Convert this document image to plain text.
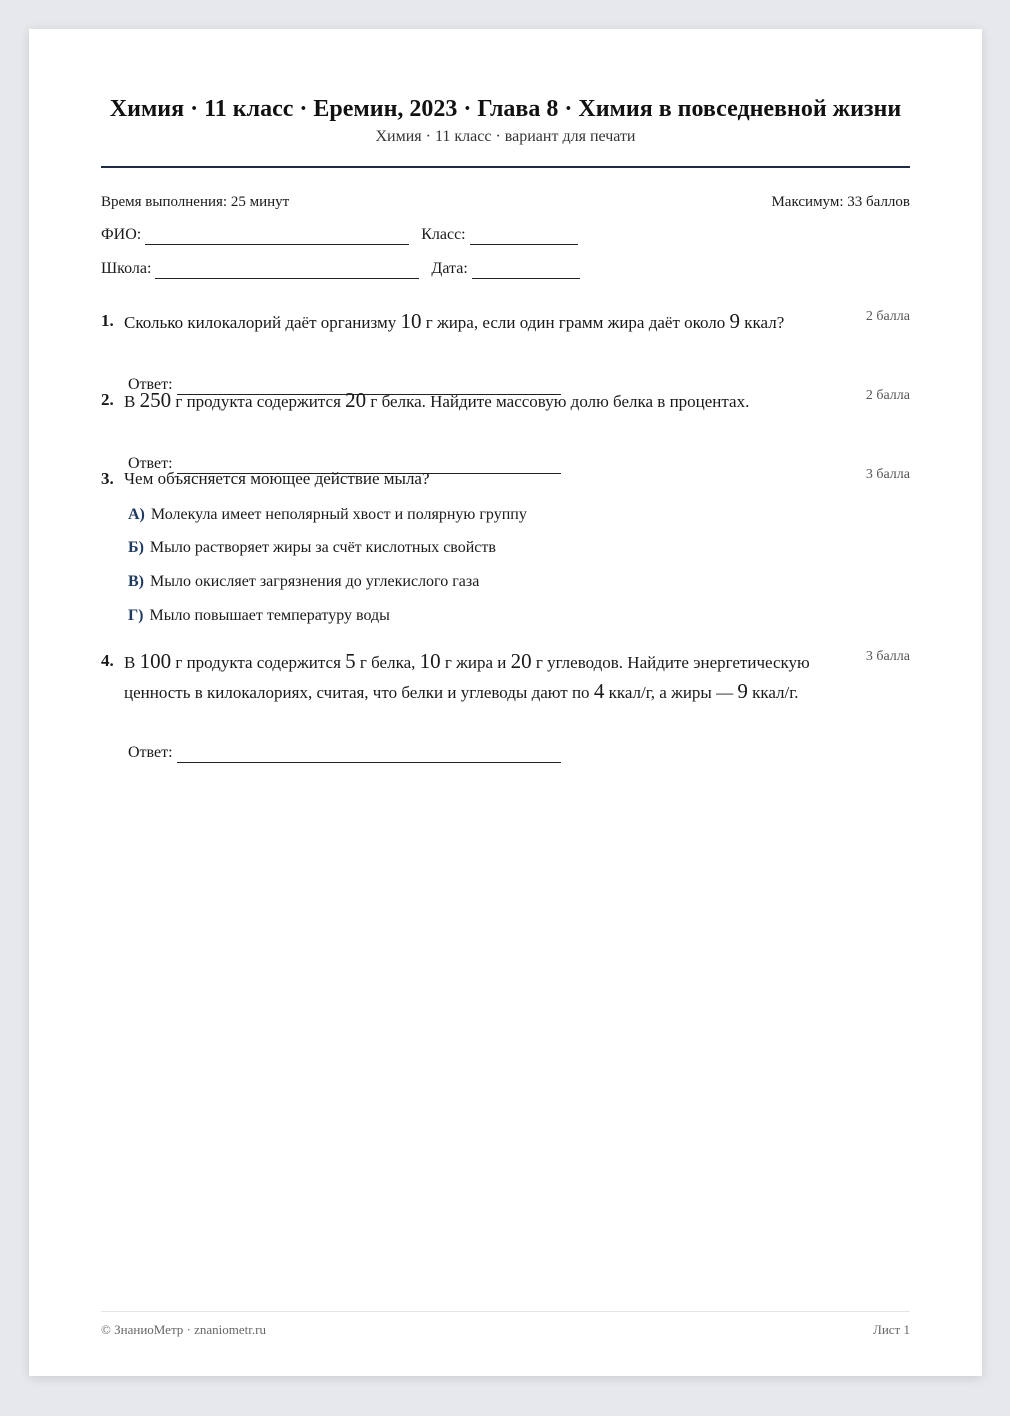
Химия · 11 класс · Еремин, 2023 · Глава 8 · Химия в повседневной жизни
Химия · 11 класс · вариант для печати
Время выполнения: 25 минут	Максимум: 33 баллов
ФИО:	Класс:
Школа:	Дата:
1. Сколько килокалорий даёт организму 10 г жира, если один грамм жира даёт около 9 ккал?	2 балла
Ответ:
2. В 250 г продукта содержится 20 г белка. Найдите массовую долю белка в процентах.	2 балла
Ответ:
3. Чем объясняется моющее действие мыла?	3 балла
А) Молекула имеет неполярный хвост и полярную группу
Б) Мыло растворяет жиры за счёт кислотных свойств
В) Мыло окисляет загрязнения до углекислого газа
Г) Мыло повышает температуру воды
4. В 100 г продукта содержится 5 г белка, 10 г жира и 20 г углеводов. Найдите энергетическую ценность в килокалориях, считая, что белки и углеводы дают по 4 ккал/г, а жиры — 9 ккал/г.
3 балла
Ответ:
© ЗнаниоМетр · znaniometr.ru	Лист 1
